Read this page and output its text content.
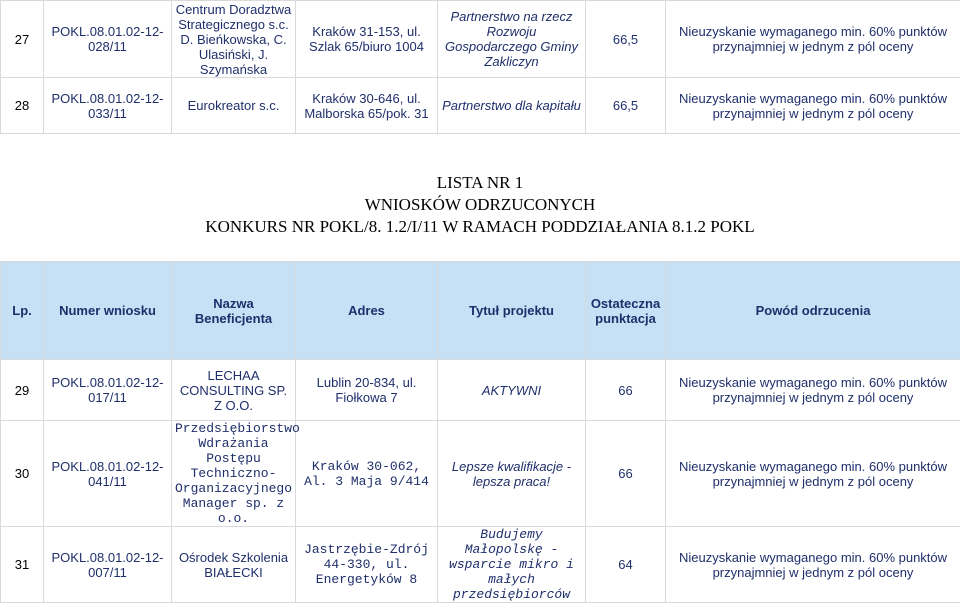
27	POKL.08.01.02-12-028/11	Centrum Doradztwa Strategicznego s.c. D. Bieńkowska, C. Ulasiński, J. Szymańska	Kraków 31-153, ul. Szlak 65/biuro 1004	Partnerstwo na rzecz Rozwoju Gospodarczego Gminy Zakliczyn	66,5	Nieuzyskanie wymaganego min. 60% punktów przynajmniej w jednym z pól oceny
28	POKL.08.01.02-12-033/11	Eurokreator s.c.	Kraków 30-646, ul. Malborska 65/pok. 31	Partnerstwo dla kapitału	66,5	Nieuzyskanie wymaganego min. 60% punktów przynajmniej w jednym z pól oceny
LISTA NR 1
WNIOSKÓW ODRZUCONYCH
KONKURS NR POKL/8. 1.2/I/11 W RAMACH PODDZIAŁANIA 8.1.2 POKL
Lp.	Numer wniosku	Nazwa Beneficjenta	Adres	Tytuł projektu	Ostateczna punktacja	Powód odrzucenia
29	POKL.08.01.02-12-017/11	LECHAA CONSULTING SP. Z O.O.	Lublin 20-834, ul. Fiołkowa 7	AKTYWNI	66	Nieuzyskanie wymaganego min. 60% punktów przynajmniej w jednym z pól oceny
30	POKL.08.01.02-12-041/11	Przedsiębiorstwo Wdrażania Postępu Techniczno-Organizacyjnego Manager sp. z o.o.	Kraków 30-062, Al. 3 Maja 9/414	Lepsze kwalifikacje - lepsza praca!	66	Nieuzyskanie wymaganego min. 60% punktów przynajmniej w jednym z pól oceny
31	POKL.08.01.02-12-007/11	Ośrodek Szkolenia BIAŁECKI	Jastrzębie-Zdrój 44-330, ul. Energetyków 8	Budujemy Małopolskę - wsparcie mikro i małych przedsiębiorców	64	Nieuzyskanie wymaganego min. 60% punktów przynajmniej w jednym z pól oceny
